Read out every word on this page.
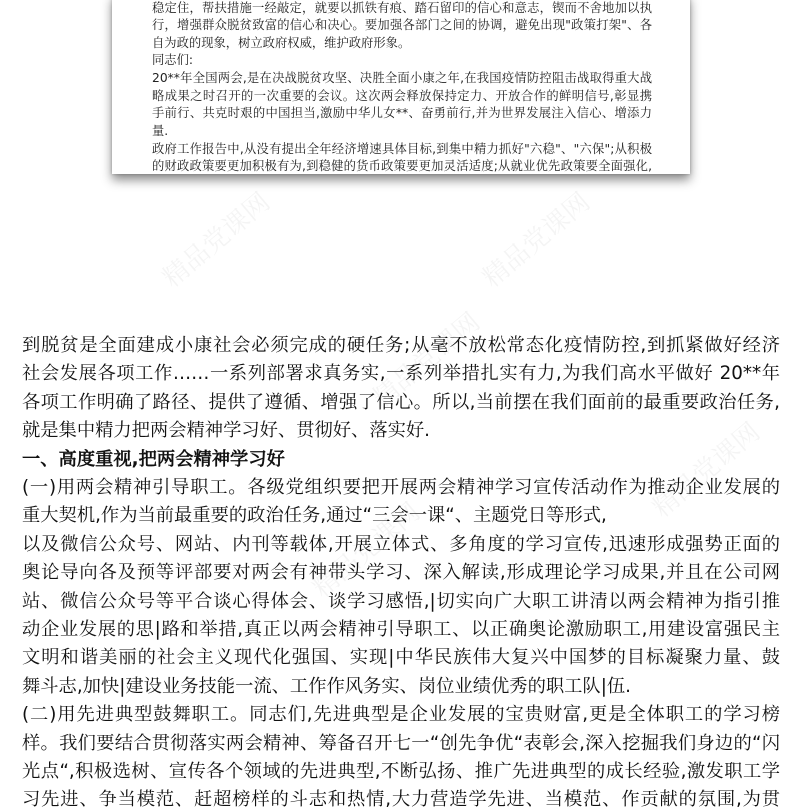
稳定住，帮扶措施一经敲定，就要以抓铁有痕、踏石留印的信心和意志，锲而不舍地加以执
行，增强群众脱贫致富的信心和决心。要加强各部门之间的协调，避免出现"政策打架"、各
自为政的现象，树立政府权威，维护政府形象。
同志们:
20**年全国两会,是在决战脱贫攻坚、决胜全面小康之年,在我国疫情防控阻击战取得重大战
略成果之时召开的一次重要的会议。这次两会释放保持定力、开放合作的鲜明信号,彰显携
手前行、共克时艰的中国担当,激励中华儿女**、奋勇前行,并为世界发展注入信心、增添力
量.
政府工作报告中,从没有提出全年经济增速具体目标,到集中精力抓好"六稳"、"六保";从积极
的财政政策要更加积极有为,到稳健的货币政策要更加灵活适度;从就业优先政策要全面强化,
到脱贫是全面建成小康社会必须完成的硬任务;从毫不放松常态化疫情防控,到抓紧做好经济
社会发展各项工作……一系列部署求真务实,一系列举措扎实有力,为我们高水平做好 20**年
各项工作明确了路径、提供了遵循、增强了信心。所以,当前摆在我们面前的最重要政治任务,
就是集中精力把两会精神学习好、贯彻好、落实好.
一、高度重视,把两会精神学习好
(一)用两会精神引导职工。各级党组织要把开展两会精神学习宣传活动作为推动企业发展的
重大契机,作为当前最重要的政治任务,通过“三会一课“、主题党日等形式,
以及微信公众号、网站、内刊等载体,开展立体式、多角度的学习宣传,迅速形成强势正面的
奥论导向各及预等评部要对两会有神带头学习、深入解读,形成理论学习成果,并且在公司网
站、微信公众号等平合谈心得体会、谈学习感悟,|切实向广大职工讲清以两会精神为指引推
动企业发展的思|路和举措,真正以两会精神引导职工、以正确奥论激励职工,用建设富强民主
文明和谐美丽的社会主义现代化强国、实现|中华民族伟大复兴中国梦的目标凝聚力量、鼓
舞斗志,加快|建设业务技能一流、工作作风务实、岗位业绩优秀的职工队|伍.
(二)用先进典型鼓舞职工。同志们,先进典型是企业发展的宝贵财富,更是全体职工的学习榜
样。我们要结合贯彻落实两会精神、筹备召开七一“创先争优“表彰会,深入挖掘我们身边的“闪
光点“,积极选树、宣传各个领域的先进典型,不断弘扬、推广先进典型的成长经验,激发职工学
习先进、争当模范、赶超榜样的斗志和热情,大力营造学先进、当模范、作贡献的氛围,为贯
